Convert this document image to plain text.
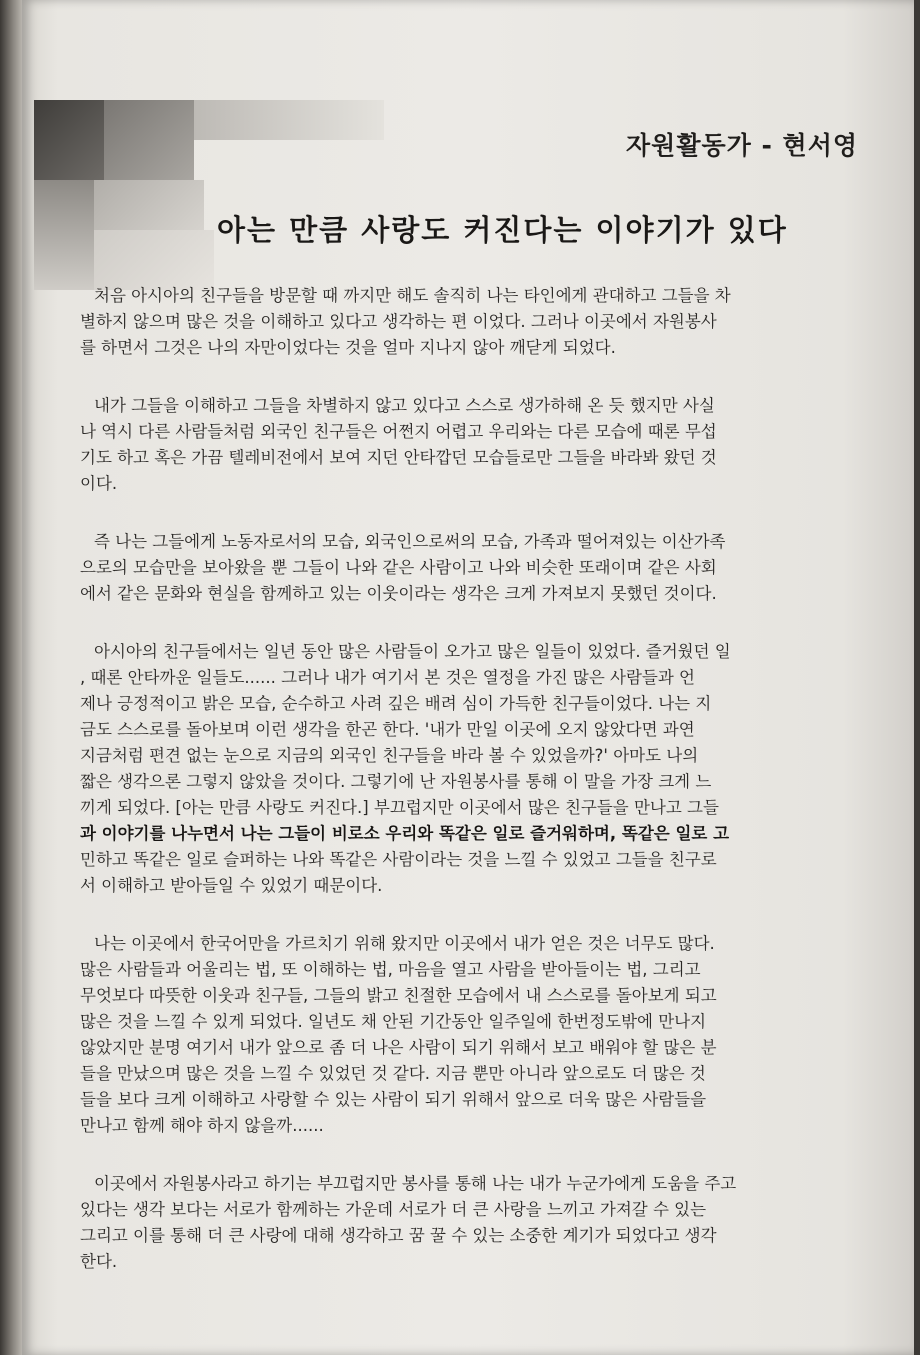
자원활동가 - 현서영
아는 만큼 사랑도 커진다는 이야기가 있다
처음 아시아의 친구들을 방문할 때 까지만 해도 솔직히 나는 타인에게 관대하고 그들을 차
별하지 않으며 많은 것을 이해하고 있다고 생각하는 편 이었다. 그러나 이곳에서 자원봉사
를 하면서 그것은 나의 자만이었다는 것을 얼마 지나지 않아 깨닫게 되었다.
내가 그들을 이해하고 그들을 차별하지 않고 있다고 스스로 생가하해 온 듯 했지만 사실
나 역시 다른 사람들처럼 외국인 친구들은 어쩐지 어렵고 우리와는 다른 모습에 때론 무섭
기도 하고 혹은 가끔 텔레비전에서 보여 지던 안타깝던 모습들로만 그들을 바라봐 왔던 것
이다.
즉 나는 그들에게 노동자로서의 모습, 외국인으로써의 모습, 가족과 떨어져있는 이산가족
으로의 모습만을 보아왔을 뿐 그들이 나와 같은 사람이고 나와 비슷한 또래이며 같은 사회
에서 같은 문화와 현실을 함께하고 있는 이웃이라는 생각은 크게 가져보지 못했던 것이다.
아시아의 친구들에서는 일년 동안 많은 사람들이 오가고 많은 일들이 있었다. 즐거웠던 일
, 때론 안타까운 일들도...... 그러나 내가 여기서 본 것은 열정을 가진 많은 사람들과 언
제나 긍정적이고 밝은 모습, 순수하고 사려 깊은 배려 심이 가득한 친구들이었다. 나는 지
금도 스스로를 돌아보며 이런 생각을 한곤 한다. '내가 만일 이곳에 오지 않았다면 과연
지금처럼 편견 없는 눈으로 지금의 외국인 친구들을 바라 볼 수 있었을까?' 아마도 나의
짧은 생각으론 그렇지 않았을 것이다. 그렇기에 난 자원봉사를 통해 이 말을 가장 크게 느
끼게 되었다. [아는 만큼 사랑도 커진다.] 부끄럽지만 이곳에서 많은 친구들을 만나고 그들
과 이야기를 나누면서 나는 그들이 비로소 우리와 똑같은 일로 즐거워하며, 똑같은 일로 고
민하고 똑같은 일로 슬퍼하는 나와 똑같은 사람이라는 것을 느낄 수 있었고 그들을 친구로
서 이해하고 받아들일 수 있었기 때문이다.
나는 이곳에서 한국어만을 가르치기 위해 왔지만 이곳에서 내가 얻은 것은 너무도 많다.
많은 사람들과 어울리는 법, 또 이해하는 법, 마음을 열고 사람을 받아들이는 법, 그리고
무엇보다 따뜻한 이웃과 친구들, 그들의 밝고 친절한 모습에서 내 스스로를 돌아보게 되고
많은 것을 느낄 수 있게 되었다. 일년도 채 안된 기간동안 일주일에 한번정도밖에 만나지
않았지만 분명 여기서 내가 앞으로 좀 더 나은 사람이 되기 위해서 보고 배워야 할 많은 분
들을 만났으며 많은 것을 느낄 수 있었던 것 같다. 지금 뿐만 아니라 앞으로도 더 많은 것
들을 보다 크게 이해하고 사랑할 수 있는 사람이 되기 위해서 앞으로 더욱 많은 사람들을
만나고 함께 해야 하지 않을까......
이곳에서 자원봉사라고 하기는 부끄럽지만 봉사를 통해 나는 내가 누군가에게 도움을 주고
있다는 생각 보다는 서로가 함께하는 가운데 서로가 더 큰 사랑을 느끼고 가져갈 수 있는
그리고 이를 통해 더 큰 사랑에 대해 생각하고 꿈 꿀 수 있는 소중한 계기가 되었다고 생각
한다.
